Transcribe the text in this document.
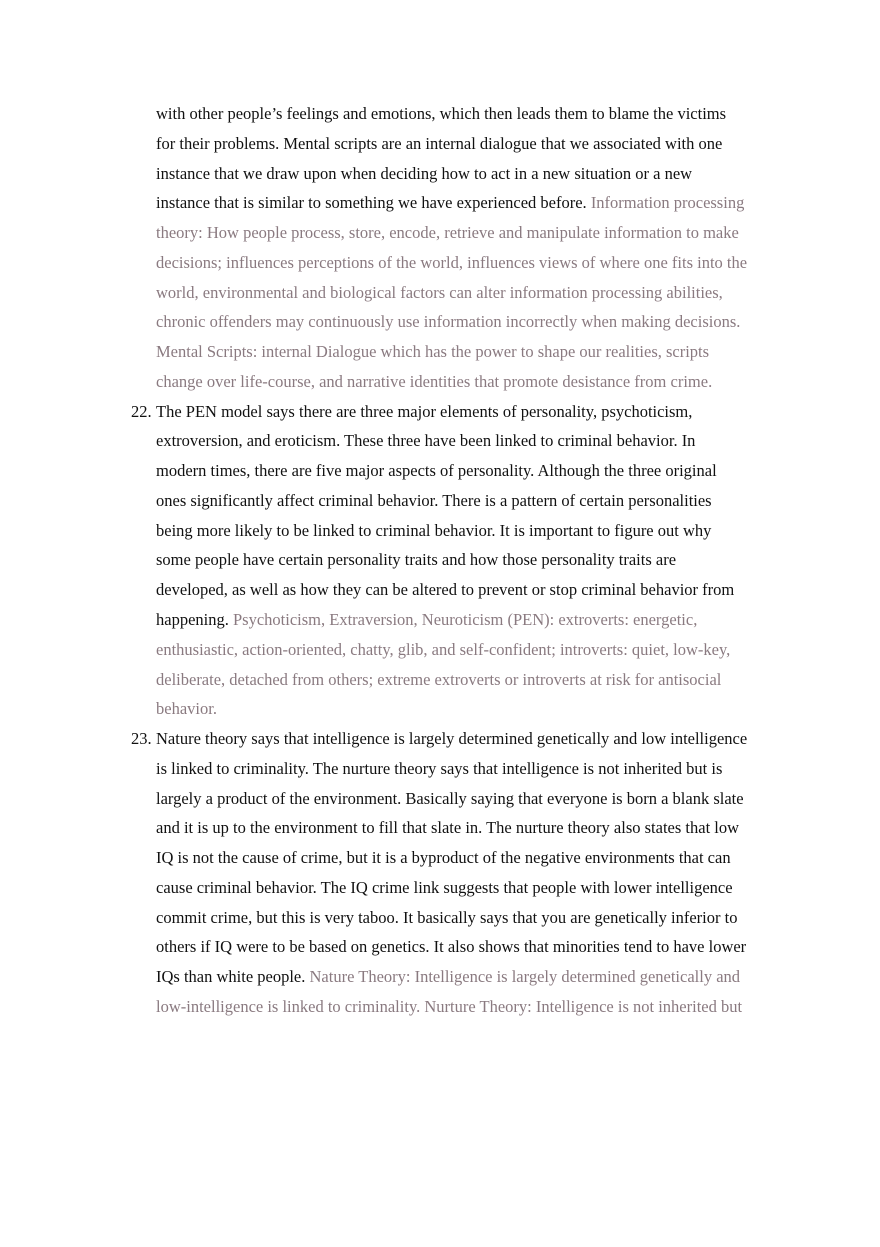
with other people’s feelings and emotions, which then leads them to blame the victims
for their problems. Mental scripts are an internal dialogue that we associated with one
instance that we draw upon when deciding how to act in a new situation or a new
instance that is similar to something we have experienced before. Information processing
theory: How people process, store, encode, retrieve and manipulate information to make
decisions; influences perceptions of the world, influences views of where one fits into the
world, environmental and biological factors can alter information processing abilities,
chronic offenders may continuously use information incorrectly when making decisions.
Mental Scripts: internal Dialogue which has the power to shape our realities, scripts
change over life-course, and narrative identities that promote desistance from crime.
22. The PEN model says there are three major elements of personality, psychoticism,
extroversion, and eroticism. These three have been linked to criminal behavior. In
modern times, there are five major aspects of personality. Although the three original
ones significantly affect criminal behavior. There is a pattern of certain personalities
being more likely to be linked to criminal behavior. It is important to figure out why
some people have certain personality traits and how those personality traits are
developed, as well as how they can be altered to prevent or stop criminal behavior from
happening. Psychoticism, Extraversion, Neuroticism (PEN): extroverts: energetic,
enthusiastic, action-oriented, chatty, glib, and self-confident; introverts: quiet, low-key,
deliberate, detached from others; extreme extroverts or introverts at risk for antisocial
behavior.
23. Nature theory says that intelligence is largely determined genetically and low intelligence
is linked to criminality. The nurture theory says that intelligence is not inherited but is
largely a product of the environment. Basically saying that everyone is born a blank slate
and it is up to the environment to fill that slate in. The nurture theory also states that low
IQ is not the cause of crime, but it is a byproduct of the negative environments that can
cause criminal behavior. The IQ crime link suggests that people with lower intelligence
commit crime, but this is very taboo. It basically says that you are genetically inferior to
others if IQ were to be based on genetics. It also shows that minorities tend to have lower
IQs than white people. Nature Theory: Intelligence is largely determined genetically and
low-intelligence is linked to criminality. Nurture Theory: Intelligence is not inherited but
